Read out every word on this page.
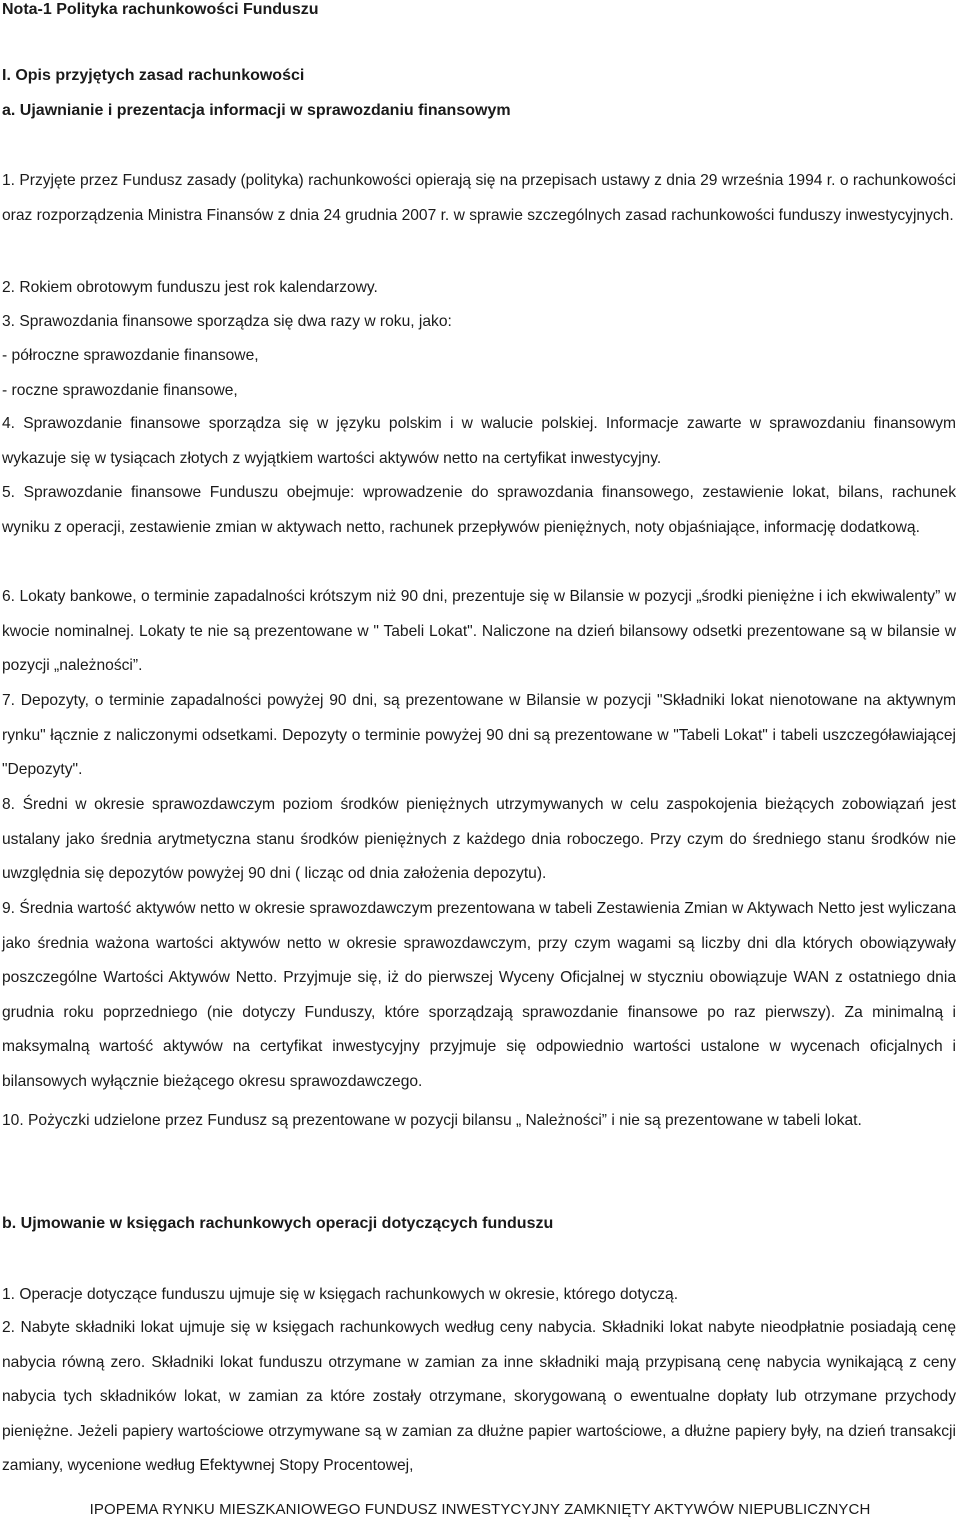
Nota-1 Polityka rachunkowości Funduszu
I. Opis przyjętych zasad rachunkowości
a. Ujawnianie i prezentacja informacji w sprawozdaniu finansowym

1. Przyjęte przez Fundusz zasady (polityka) rachunkowości opierają się na przepisach ustawy z dnia 29 września 1994 r. o rachunkowości oraz rozporządzenia Ministra Finansów z dnia 24 grudnia 2007 r. w sprawie szczególnych zasad rachunkowości funduszy inwestycyjnych.

2. Rokiem obrotowym funduszu jest rok kalendarzowy.

3. Sprawozdania finansowe sporządza się dwa razy w roku, jako:

- półroczne sprawozdanie finansowe,

- roczne sprawozdanie finansowe,

4. Sprawozdanie finansowe sporządza się w języku polskim i w walucie polskiej. Informacje zawarte w sprawozdaniu finansowym wykazuje się w tysiącach złotych z wyjątkiem wartości aktywów netto na certyfikat inwestycyjny.

5. Sprawozdanie finansowe Funduszu obejmuje: wprowadzenie do sprawozdania finansowego, zestawienie lokat, bilans, rachunek wyniku z operacji, zestawienie zmian w aktywach netto, rachunek przepływów pieniężnych, noty objaśniające, informację dodatkową.

6. Lokaty bankowe, o terminie zapadalności krótszym niż 90 dni, prezentuje się w Bilansie w pozycji „środki pieniężne i ich ekwiwalenty” w kwocie nominalnej. Lokaty te nie są prezentowane w " Tabeli Lokat". Naliczone na dzień bilansowy odsetki prezentowane są w bilansie w pozycji „należności”.

7. Depozyty, o terminie zapadalności powyżej 90 dni, są prezentowane w Bilansie w pozycji "Składniki lokat nienotowane na aktywnym rynku" łącznie z naliczonymi odsetkami. Depozyty o terminie powyżej 90 dni są prezentowane w "Tabeli Lokat" i tabeli uszczegóławiającej "Depozyty".

8. Średni w okresie sprawozdawczym poziom środków pieniężnych utrzymywanych w celu zaspokojenia bieżących zobowiązań jest ustalany jako średnia arytmetyczna stanu środków pieniężnych z każdego dnia roboczego. Przy czym do średniego stanu środków nie uwzględnia się depozytów powyżej 90 dni ( licząc od dnia założenia depozytu).

9. Średnia wartość aktywów netto w okresie sprawozdawczym prezentowana w tabeli Zestawienia Zmian w Aktywach Netto jest wyliczana jako średnia ważona wartości aktywów netto w okresie sprawozdawczym, przy czym wagami są liczby dni dla których obowiązywały poszczególne Wartości Aktywów Netto. Przyjmuje się, iż do pierwszej Wyceny Oficjalnej w styczniu obowiązuje WAN z ostatniego dnia grudnia roku poprzedniego (nie dotyczy Funduszy, które sporządzają sprawozdanie finansowe po raz pierwszy). Za minimalną i maksymalną wartość aktywów na certyfikat inwestycyjny przyjmuje się odpowiednio wartości ustalone w wycenach oficjalnych i bilansowych wyłącznie bieżącego okresu sprawozdawczego.

10. Pożyczki udzielone przez Fundusz są prezentowane w pozycji bilansu „ Należności” i nie są prezentowane w tabeli lokat.

b. Ujmowanie w księgach rachunkowych operacji dotyczących funduszu

1. Operacje dotyczące funduszu ujmuje się w księgach rachunkowych w okresie, którego dotyczą.

2. Nabyte składniki lokat ujmuje się w księgach rachunkowych według ceny nabycia. Składniki lokat nabyte nieodpłatnie posiadają cenę nabycia równą zero. Składniki lokat funduszu otrzymane w zamian za inne składniki mają przypisaną cenę nabycia wynikającą z ceny nabycia tych składników lokat, w zamian za które zostały otrzymane, skorygowaną o ewentualne dopłaty lub otrzymane przychody pieniężne. Jeżeli papiery wartościowe otrzymywane są w zamian za dłużne papier wartościowe, a dłużne papiery były, na dzień transakcji zamiany, wycenione według Efektywnej Stopy Procentowej,

IPOPEMA RYNKU MIESZKANIOWEGO FUNDUSZ INWESTYCYJNY ZAMKNIĘTY AKTYWÓW NIEPUBLICZNYCH
